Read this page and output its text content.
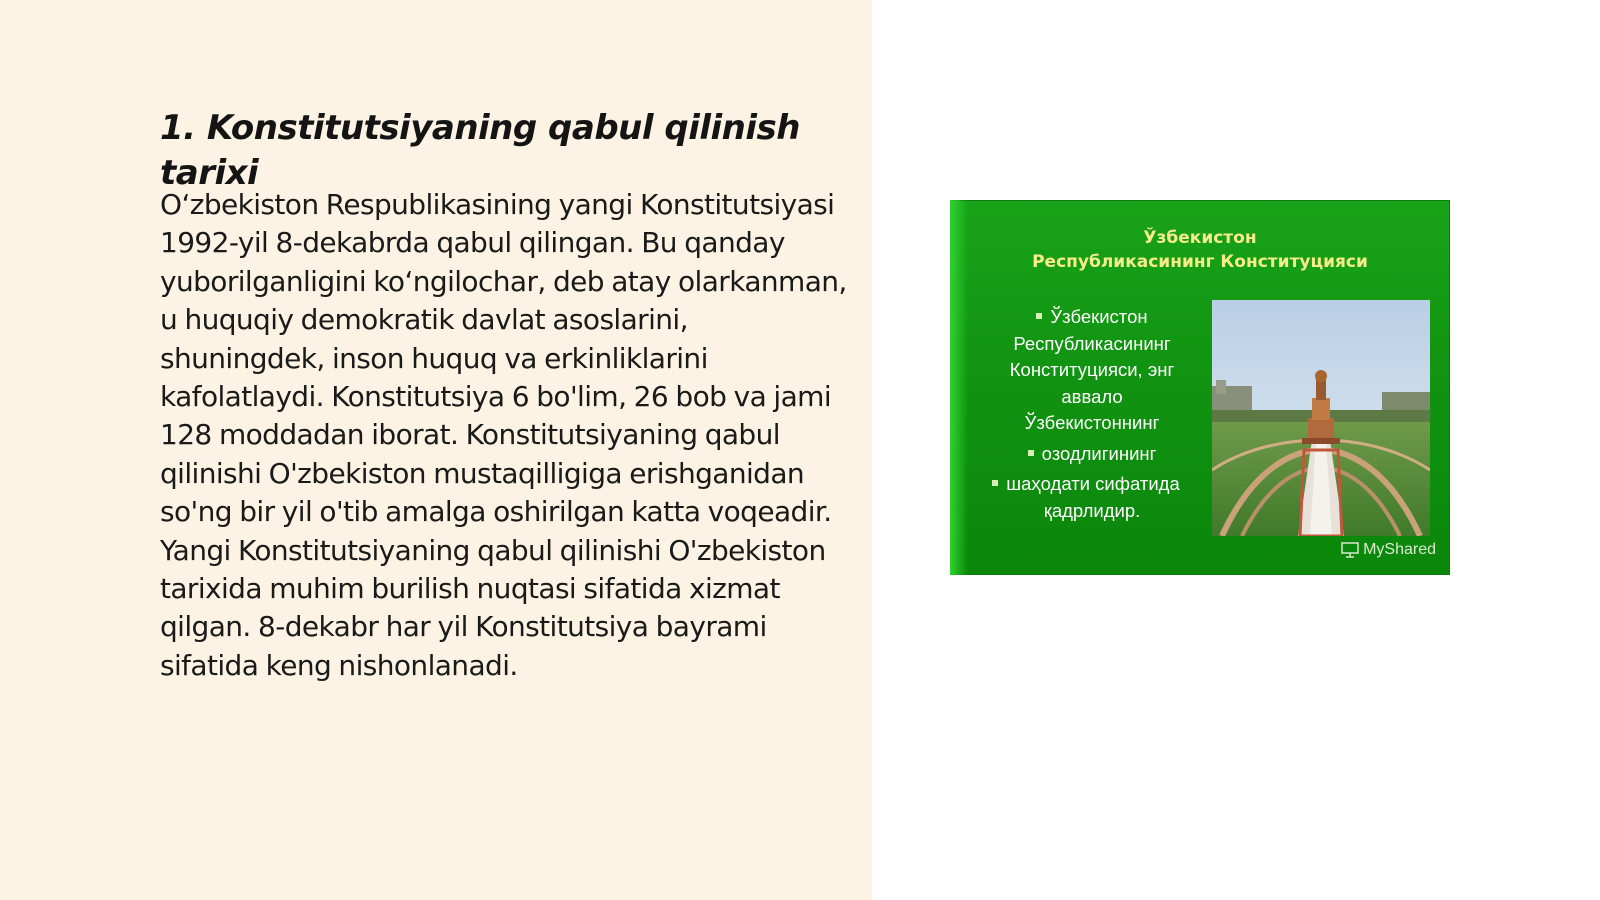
1. Konstitutsiyaning qabul qilinish tarixi

O‘zbekiston Respublikasining yangi Konstitutsiyasi 1992-yil 8-dekabrda qabul qilingan. Bu qanday yuborilganligini ko‘ngilochar, deb atay olarkanman, u huquqiy demokratik davlat asoslarini, shuningdek, inson huquq va erkinliklarini kafolatlaydi. Konstitutsiya 6 bo'lim, 26 bob va jami 128 moddadan iborat. Konstitutsiyaning qabul qilinishi O'zbekiston mustaqilligiga erishganidan so'ng bir yil o'tib amalga oshirilgan katta voqeadir. Yangi Konstitutsiyaning qabul qilinishi O'zbekiston tarixida muhim burilish nuqtasi sifatida xizmat qilgan. 8-dekabr har yil Konstitutsiya bayrami sifatida keng nishonlanadi.

Ўзбекистон
Республикасининг Конституцияси
Ўзбекистон
Республикасининг
Конституцияси, энг
аввало
Ўзбекистоннинг
озодлигининг
шаҳодати сифатида
қадрлидир.
MyShared
